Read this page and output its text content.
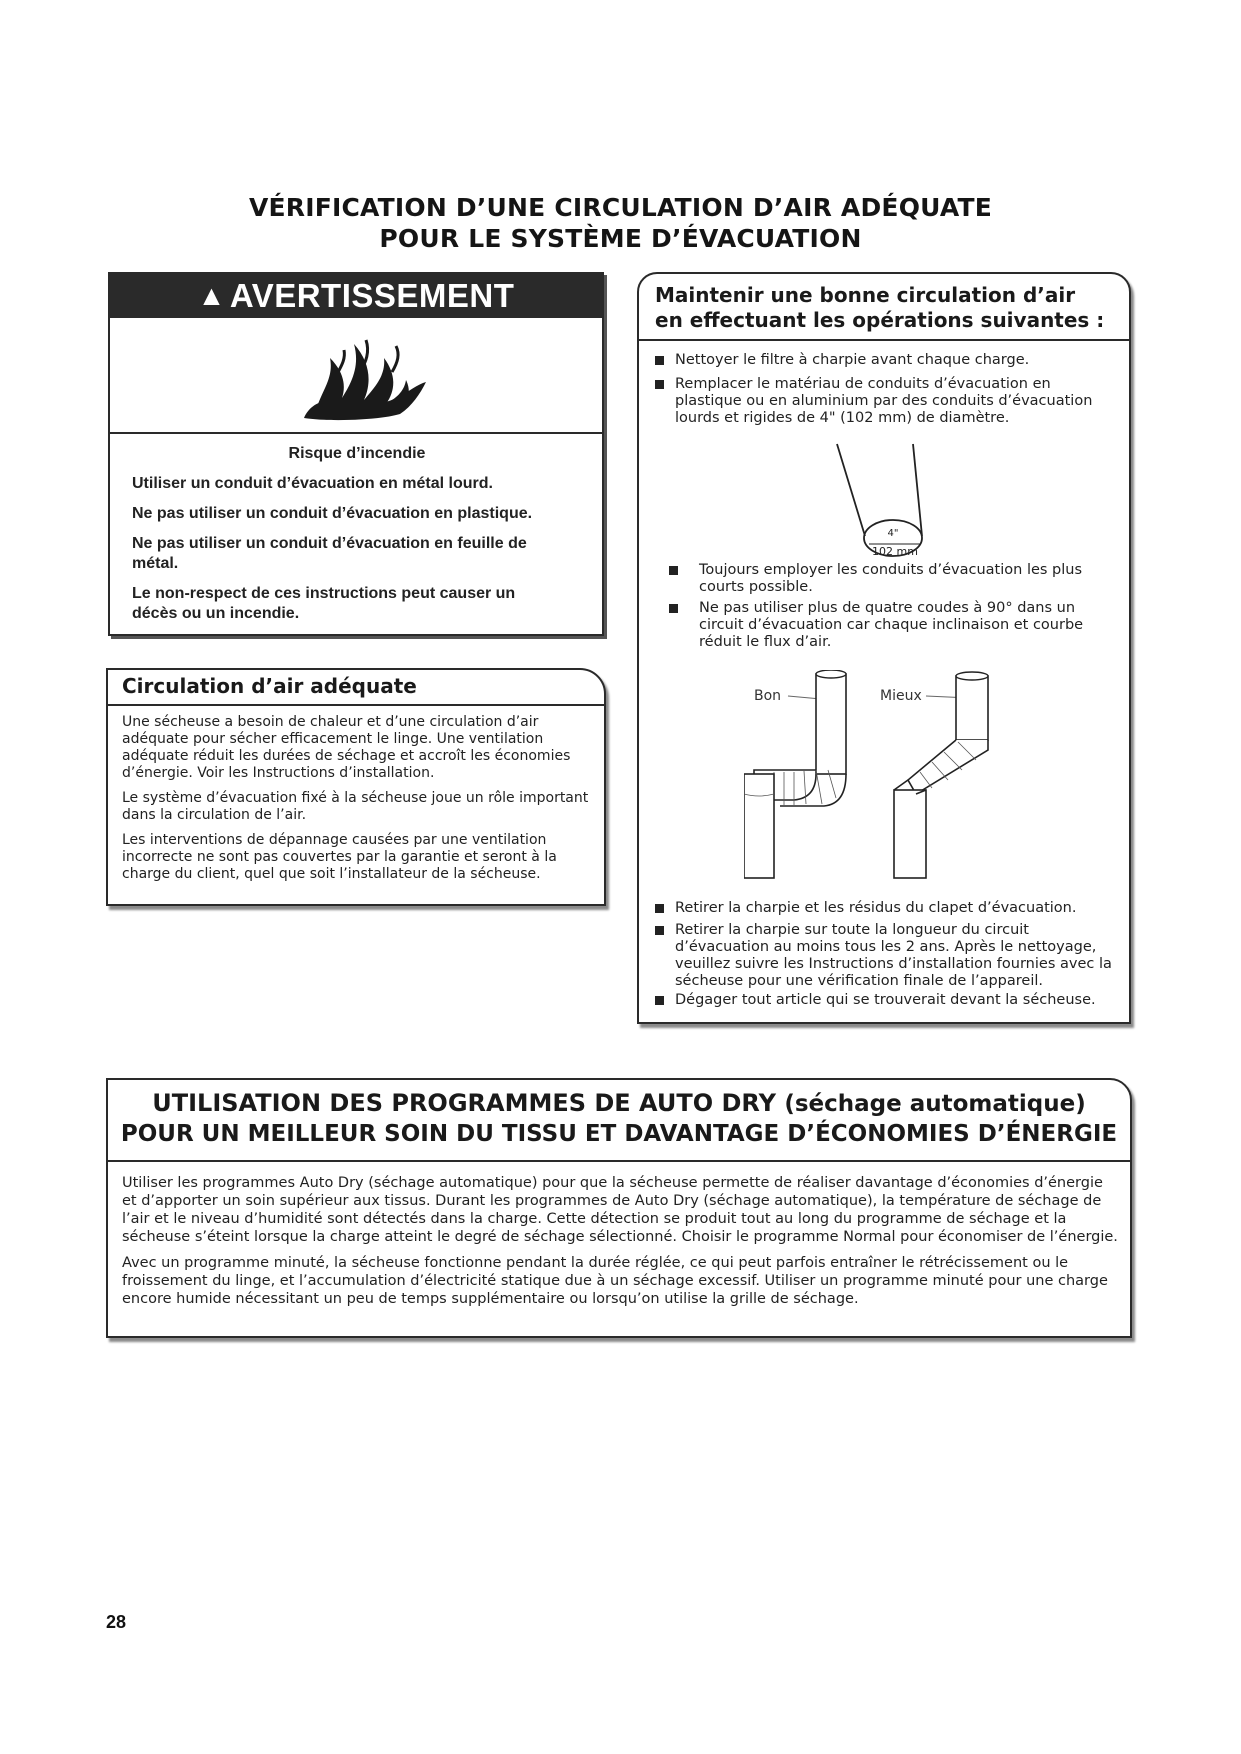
VÉRIFICATION D’UNE CIRCULATION D’AIR ADÉQUATE
POUR LE SYSTÈME D’ÉVACUATION
▲ AVERTISSEMENT
Risque d’incendie

Utiliser un conduit d’évacuation en métal lourd.

Ne pas utiliser un conduit d’évacuation en plastique.

Ne pas utiliser un conduit d’évacuation en feuille de métal.

Le non-respect de ces instructions peut causer un décès ou un incendie.

Circulation d’air adéquate

Une sécheuse a besoin de chaleur et d’une circulation d’air adéquate pour sécher efficacement le linge. Une ventilation adéquate réduit les durées de séchage et accroît les économies d’énergie. Voir les Instructions d’installation.

Le système d’évacuation fixé à la sécheuse joue un rôle important dans la circulation de l’air.

Les interventions de dépannage causées par une ventilation incorrecte ne sont pas couvertes par la garantie et seront à la charge du client, quel que soit l’installateur de la sécheuse.

Maintenir une bonne circulation d’air
en effectuant les opérations suivantes :
Nettoyer le filtre à charpie avant chaque charge.
Remplacer le matériau de conduits d’évacuation en plastique ou en aluminium par des conduits d’évacuation lourds et rigides de 4" (102 mm) de diamètre.
4"
102 mm
Toujours employer les conduits d’évacuation les plus courts possible.
Ne pas utiliser plus de quatre coudes à 90° dans un circuit d’évacuation car chaque inclinaison et courbe réduit le flux d’air.
Bon	Mieux
Retirer la charpie et les résidus du clapet d’évacuation.
Retirer la charpie sur toute la longueur du circuit d’évacuation au moins tous les 2 ans. Après le nettoyage, veuillez suivre les Instructions d’installation fournies avec la sécheuse pour une vérification finale de l’appareil.
Dégager tout article qui se trouverait devant la sécheuse.
UTILISATION DES PROGRAMMES DE AUTO DRY (séchage automatique)
POUR UN MEILLEUR SOIN DU TISSU ET DAVANTAGE D’ÉCONOMIES D’ÉNERGIE

Utiliser les programmes Auto Dry (séchage automatique) pour que la sécheuse permette de réaliser davantage d’économies d’énergie et d’apporter un soin supérieur aux tissus. Durant les programmes de Auto Dry (séchage automatique), la température de séchage de l’air et le niveau d’humidité sont détectés dans la charge. Cette détection se produit tout au long du programme de séchage et la sécheuse s’éteint lorsque la charge atteint le degré de séchage sélectionné. Choisir le programme Normal pour économiser de l’énergie.

Avec un programme minuté, la sécheuse fonctionne pendant la durée réglée, ce qui peut parfois entraîner le rétrécissement ou le froissement du linge, et l’accumulation d’électricité statique due à un séchage excessif. Utiliser un programme minuté pour une charge encore humide nécessitant un peu de temps supplémentaire ou lorsqu’on utilise la grille de séchage.

28
